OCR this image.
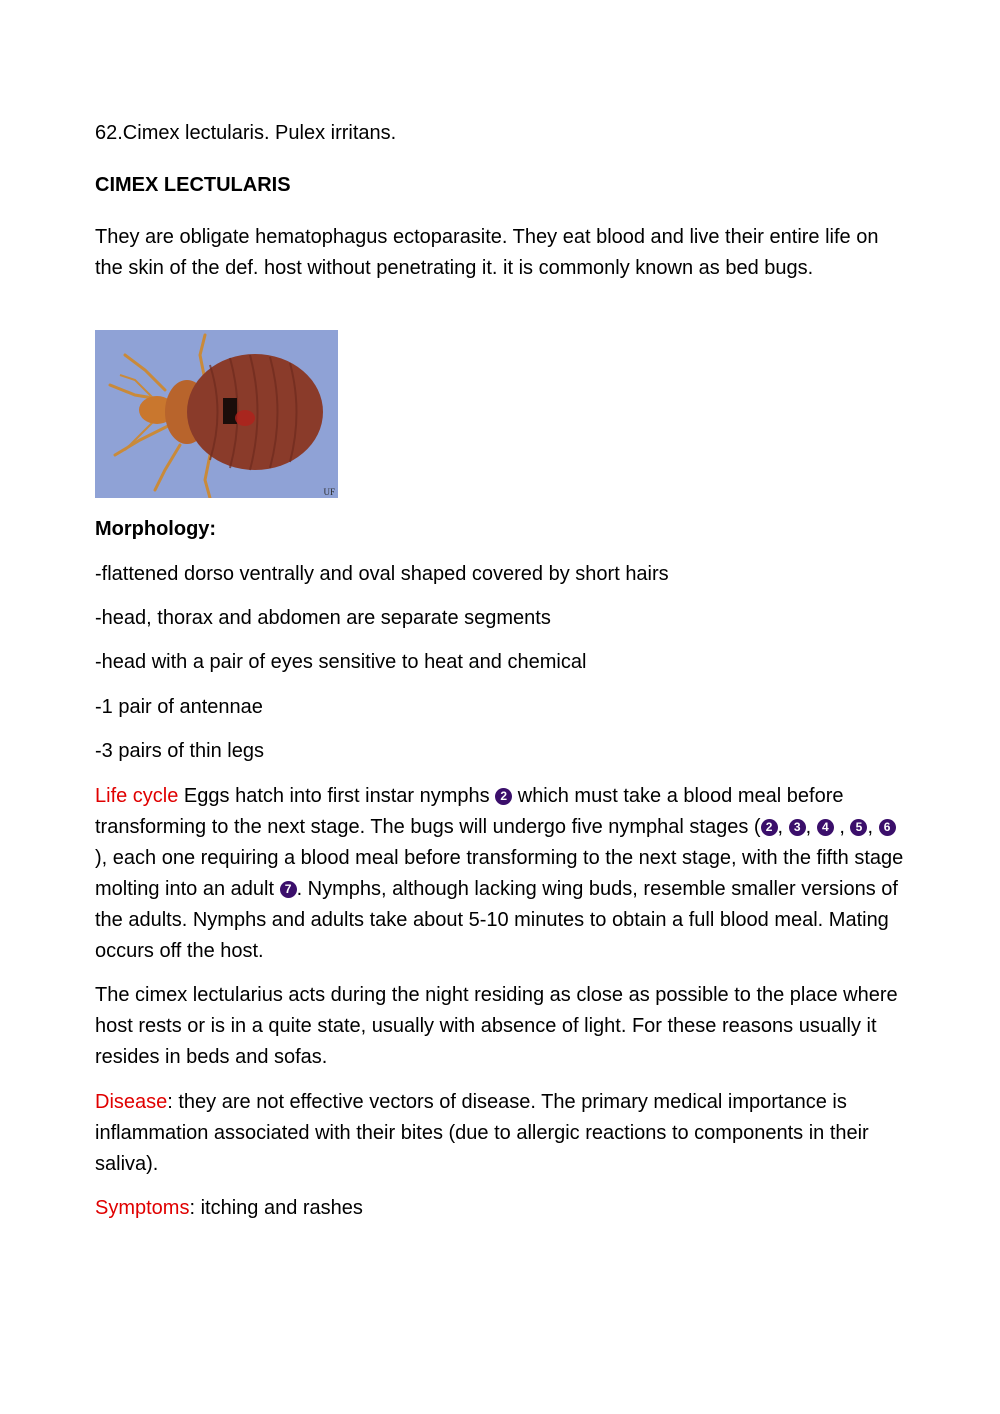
62.Cimex lectularis. Pulex irritans.

CIMEX LECTULARIS

They are obligate hematophagus ectoparasite. They eat blood and live their entire life on the skin of the def. host without penetrating it. it is commonly known as bed bugs.

UF

Morphology:

-flattened dorso ventrally and oval shaped covered by short hairs

-head, thorax and abdomen are separate segments

-head with a pair of eyes sensitive to heat and chemical

-1 pair of antennae

-3 pairs of thin legs

Life cycle Eggs hatch into first instar nymphs 2 which must take a blood meal before transforming to the next stage. The bugs will undergo five nymphal stages ( 2 , 3 , 4 , 5 , 6 ), each one requiring a blood meal before transforming to the next stage, with the fifth stage molting into an adult 7 . Nymphs, although lacking wing buds, resemble smaller versions of the adults. Nymphs and adults take about 5-10 minutes to obtain a full blood meal. Mating occurs off the host.

The cimex lectularius acts during the night residing as close as possible to the place where host rests or is in a quite state, usually with absence of light. For these reasons usually it resides in beds and sofas.

Disease: they are not effective vectors of disease. The primary medical importance is inflammation associated with their bites (due to allergic reactions to components in their saliva).

Symptoms: itching and rashes
